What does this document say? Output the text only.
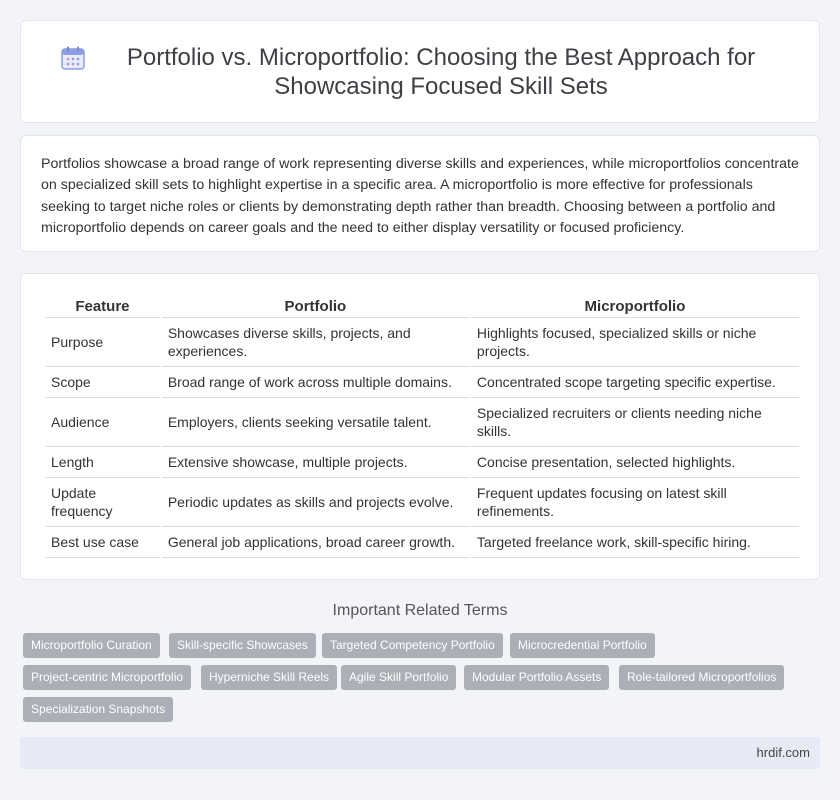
Portfolio vs. Microportfolio: Choosing the Best Approach for Showcasing Focused Skill Sets

Portfolios showcase a broad range of work representing diverse skills and experiences, while microportfolios concentrate on specialized skill sets to highlight expertise in a specific area. A microportfolio is more effective for professionals seeking to target niche roles or clients by demonstrating depth rather than breadth. Choosing between a portfolio and microportfolio depends on career goals and the need to either display versatility or focused proficiency.

Feature	Portfolio	Microportfolio
Purpose	Showcases diverse skills, projects, and experiences.	Highlights focused, specialized skills or niche projects.
Scope	Broad range of work across multiple domains.	Concentrated scope targeting specific expertise.
Audience	Employers, clients seeking versatile talent.	Specialized recruiters or clients needing niche skills.
Length	Extensive showcase, multiple projects.	Concise presentation, selected highlights.
Update frequency	Periodic updates as skills and projects evolve.	Frequent updates focusing on latest skill refinements.
Best use case	General job applications, broad career growth.	Targeted freelance work, skill-specific hiring.
Important Related Terms
Microportfolio Curation	Skill-specific Showcases	Targeted Competency Portfolio	Microcredential Portfolio
Project-centric Microportfolio	Hyperniche Skill Reels	Agile Skill Portfolio	Modular Portfolio Assets	Role-tailored Microportfolios
Specialization Snapshots
hrdif.com
